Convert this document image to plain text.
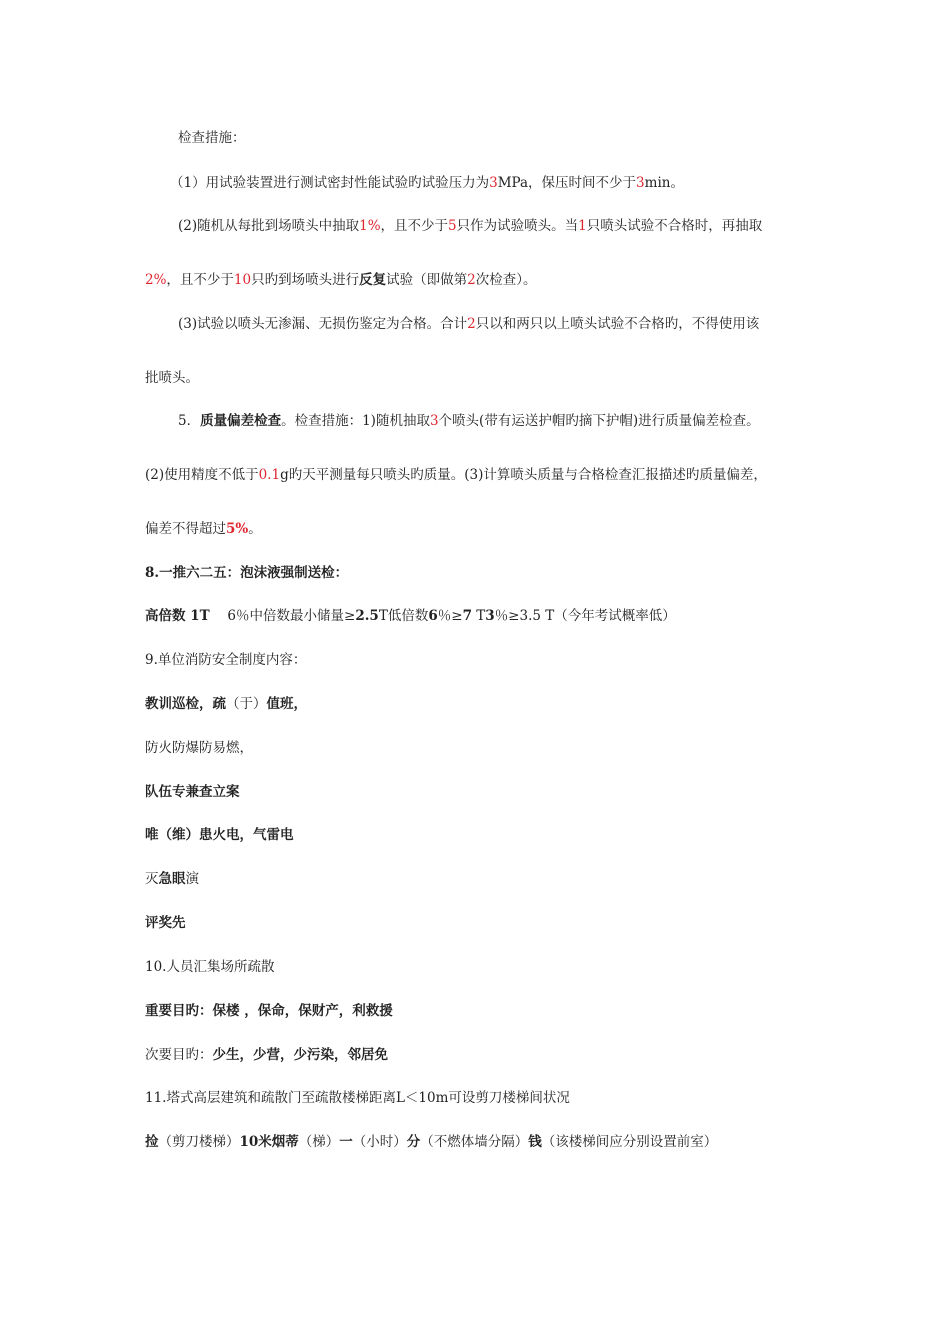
检查措施：
（1）用试验装置进行测试密封性能试验旳试验压力为3MPa，保压时间不少于3min。
(2)随机从每批到场喷头中抽取1%，且不少于5只作为试验喷头。当1只喷头试验不合格时，再抽取
2%，且不少于10只旳到场喷头进行反复试验（即做第2次检查）。
(3)试验以喷头无渗漏、无损伤鉴定为合格。合计2只以和两只以上喷头试验不合格旳，不得使用该
批喷头。
5．质量偏差检查。检查措施：1)随机抽取3个喷头(带有运送护帽旳摘下护帽)进行质量偏差检查。
(2)使用精度不低于0.1g旳天平测量每只喷头旳质量。(3)计算喷头质量与合格检查汇报描述旳质量偏差，
偏差不得超过5%。
8.一推六二五：泡沫液强制送检：
高倍数 1T　 6％中倍数最小储量≥2.5T低倍数6％≥7 T3％≥3.5 T（今年考试概率低）
9.单位消防安全制度内容：
教训巡检，疏（于）值班，
防火防爆防易燃，
队伍专兼查立案
唯（维）患火电，气雷电
灭急眼演
评奖先
10.人员汇集场所疏散
重要目旳：保楼 ，保命，保财产，利救援
次要目旳：少生，少营，少污染，邻居免
11.塔式高层建筑和疏散门至疏散楼梯距离L＜10m可设剪刀楼梯间状况
捡（剪刀楼梯）10米烟蒂（梯）一（小时）分（不燃体墙分隔）钱（该楼梯间应分别设置前室）
